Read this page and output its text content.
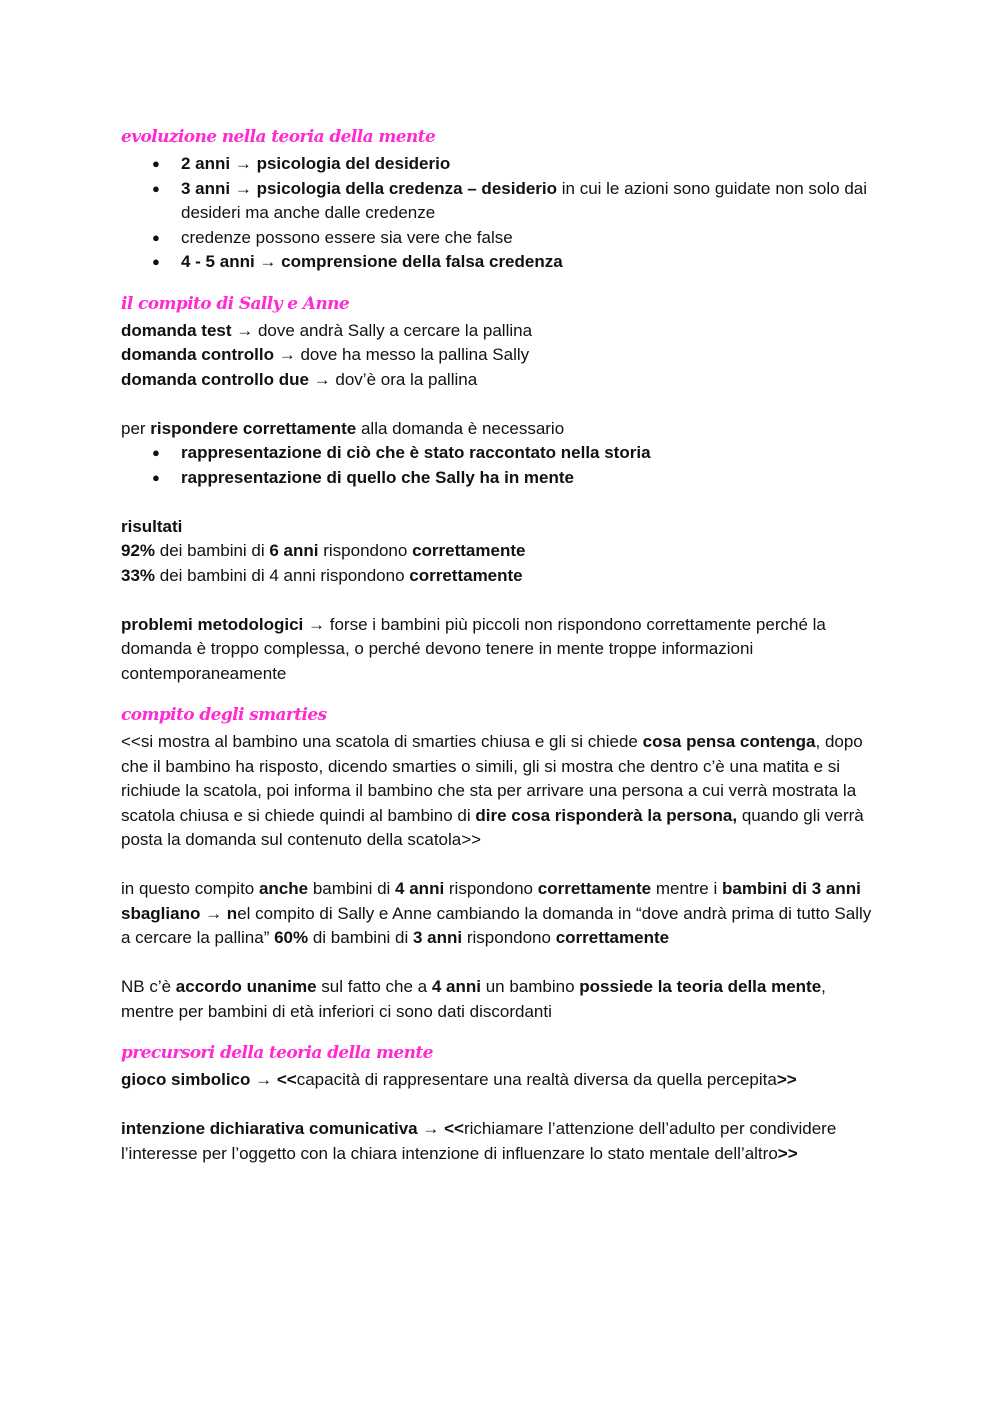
evoluzione nella teoria della mente
● 2 anni → psicologia del desiderio
● 3 anni → psicologia della credenza – desiderio in cui le azioni sono guidate non solo dai desideri ma anche dalle credenze
● credenze possono essere sia vere che false
● 4 - 5 anni → comprensione della falsa credenza
il compito di Sally e Anne

domanda test → dove andrà Sally a cercare la pallina

domanda controllo → dove ha messo la pallina Sally

domanda controllo due → dov’è ora la pallina

per rispondere correttamente alla domanda è necessario

● rappresentazione di ciò che è stato raccontato nella storia
● rappresentazione di quello che Sally ha in mente

risultati

92% dei bambini di 6 anni rispondono correttamente

33% dei bambini di 4 anni rispondono correttamente

problemi metodologici → forse i bambini più piccoli non rispondono correttamente perché la domanda è troppo complessa, o perché devono tenere in mente troppe informazioni contemporaneamente

compito degli smarties

<<si mostra al bambino una scatola di smarties chiusa e gli si chiede cosa pensa contenga, dopo che il bambino ha risposto, dicendo smarties o simili, gli si mostra che dentro c’è una matita e si richiude la scatola, poi informa il bambino che sta per arrivare una persona a cui verrà mostrata la scatola chiusa e si chiede quindi al bambino di dire cosa risponderà la persona, quando gli verrà posta la domanda sul contenuto della scatola>>

in questo compito anche bambini di 4 anni rispondono correttamente mentre i bambini di 3 anni sbagliano → nel compito di Sally e Anne cambiando la domanda in “dove andrà prima di tutto Sally a cercare la pallina” 60% di bambini di 3 anni rispondono correttamente

NB c’è accordo unanime sul fatto che a 4 anni un bambino possiede la teoria della mente, mentre per bambini di età inferiori ci sono dati discordanti

precursori della teoria della mente

gioco simbolico → <<capacità di rappresentare una realtà diversa da quella percepita>>

intenzione dichiarativa comunicativa → <<richiamare l’attenzione dell’adulto per condividere l’interesse per l’oggetto con la chiara intenzione di influenzare lo stato mentale dell’altro>>
